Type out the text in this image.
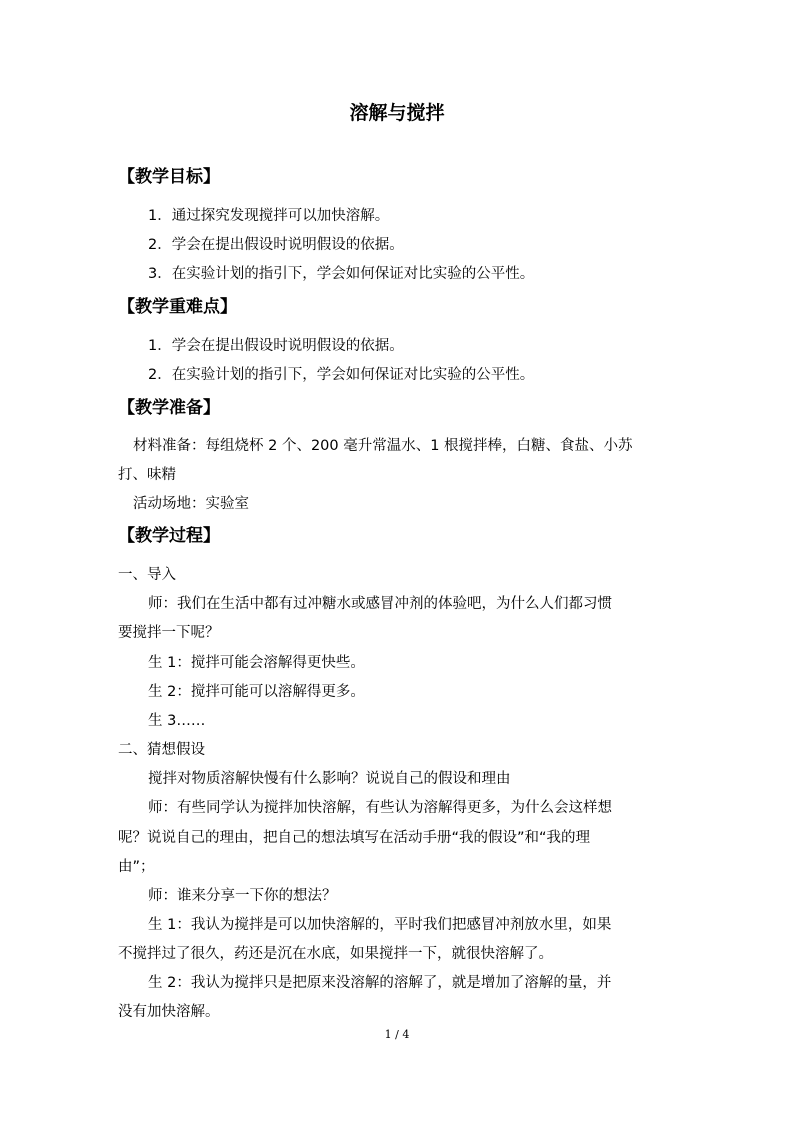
溶解与搅拌
【教学目标】
1．通过探究发现搅拌可以加快溶解。
2．学会在提出假设时说明假设的依据。
3．在实验计划的指引下，学会如何保证对比实验的公平性。
【教学重难点】
1．学会在提出假设时说明假设的依据。
2．在实验计划的指引下，学会如何保证对比实验的公平性。
【教学准备】
材料准备：每组烧杯 2 个、200 毫升常温水、1 根搅拌棒，白糖、食盐、小苏
打、味精
活动场地：实验室
【教学过程】
一、导入
师：我们在生活中都有过冲糖水或感冒冲剂的体验吧，为什么人们都习惯
要搅拌一下呢？
生 1：搅拌可能会溶解得更快些。
生 2：搅拌可能可以溶解得更多。
生 3……
二、猜想假设
搅拌对物质溶解快慢有什么影响？说说自己的假设和理由
师：有些同学认为搅拌加快溶解，有些认为溶解得更多，为什么会这样想
呢？说说自己的理由，把自己的想法填写在活动手册“我的假设”和“我的理
由”；
师：谁来分享一下你的想法？
生 1：我认为搅拌是可以加快溶解的，平时我们把感冒冲剂放水里，如果
不搅拌过了很久，药还是沉在水底，如果搅拌一下，就很快溶解了。
生 2：我认为搅拌只是把原来没溶解的溶解了，就是增加了溶解的量，并
没有加快溶解。
1 / 4
